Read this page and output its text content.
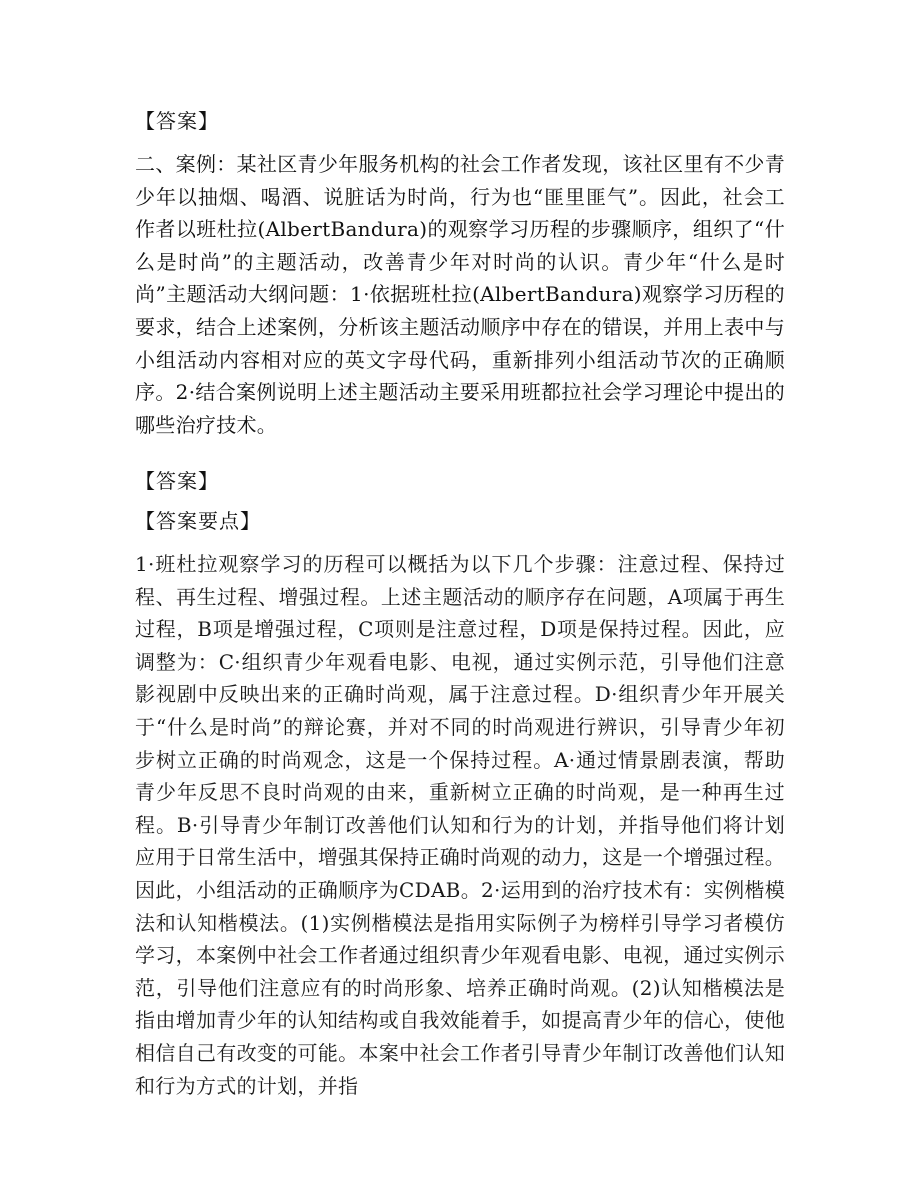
【答案】

二、案例：某社区青少年服务机构的社会工作者发现，该社区里有不少青少年以抽烟、喝酒、说脏话为时尚，行为也“匪里匪气”。因此，社会工作者以班杜拉(AlbertBandura)的观察学习历程的步骤顺序，组织了“什么是时尚”的主题活动，改善青少年对时尚的认识。青少年“什么是时尚”主题活动大纲问题：1·依据班杜拉(AlbertBandura)观察学习历程的要求，结合上述案例，分析该主题活动顺序中存在的错误，并用上表中与小组活动内容相对应的英文字母代码，重新排列小组活动节次的正确顺序。2·结合案例说明上述主题活动主要采用班都拉社会学习理论中提出的哪些治疗技术。

【答案】
【答案要点】

1·班杜拉观察学习的历程可以概括为以下几个步骤：注意过程、保持过程、再生过程、增强过程。上述主题活动的顺序存在问题，A项属于再生过程，B项是增强过程，C项则是注意过程，D项是保持过程。因此，应调整为：C·组织青少年观看电影、电视，通过实例示范，引导他们注意影视剧中反映出来的正确时尚观，属于注意过程。D·组织青少年开展关于“什么是时尚”的辩论赛，并对不同的时尚观进行辨识，引导青少年初步树立正确的时尚观念，这是一个保持过程。A·通过情景剧表演，帮助青少年反思不良时尚观的由来，重新树立正确的时尚观，是一种再生过程。B·引导青少年制订改善他们认知和行为的计划，并指导他们将计划应用于日常生活中，增强其保持正确时尚观的动力，这是一个增强过程。因此，小组活动的正确顺序为CDAB。2·运用到的治疗技术有：实例楷模法和认知楷模法。(1)实例楷模法是指用实际例子为榜样引导学习者模仿学习，本案例中社会工作者通过组织青少年观看电影、电视，通过实例示范，引导他们注意应有的时尚形象、培养正确时尚观。(2)认知楷模法是指由增加青少年的认知结构或自我效能着手，如提高青少年的信心，使他相信自己有改变的可能。本案中社会工作者引导青少年制订改善他们认知和行为方式的计划，并指
